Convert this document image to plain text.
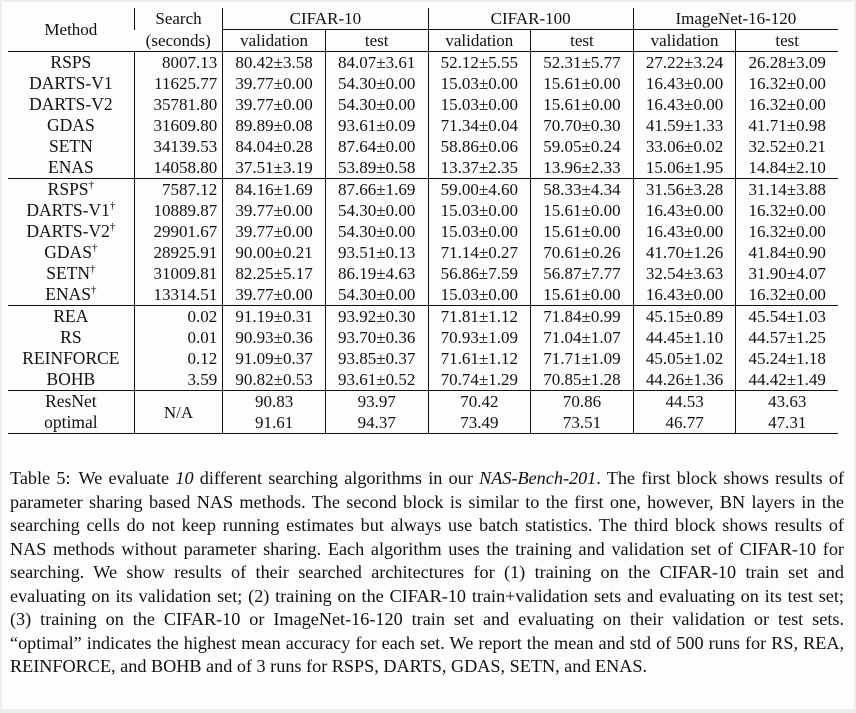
Method	Search	CIFAR-10		CIFAR-100		ImageNet-16-120	
	(seconds)	validation	test	validation	test	validation	test
RSPS	8007.13	80.42±3.58	84.07±3.61	52.12±5.55	52.31±5.77	27.22±3.24	26.28±3.09
DARTS-V1	11625.77	39.77±0.00	54.30±0.00	15.03±0.00	15.61±0.00	16.43±0.00	16.32±0.00
DARTS-V2	35781.80	39.77±0.00	54.30±0.00	15.03±0.00	15.61±0.00	16.43±0.00	16.32±0.00
GDAS	31609.80	89.89±0.08	93.61±0.09	71.34±0.04	70.70±0.30	41.59±1.33	41.71±0.98
SETN	34139.53	84.04±0.28	87.64±0.00	58.86±0.06	59.05±0.24	33.06±0.02	32.52±0.21
ENAS	14058.80	37.51±3.19	53.89±0.58	13.37±2.35	13.96±2.33	15.06±1.95	14.84±2.10
RSPS†	7587.12	84.16±1.69	87.66±1.69	59.00±4.60	58.33±4.34	31.56±3.28	31.14±3.88
DARTS-V1†	10889.87	39.77±0.00	54.30±0.00	15.03±0.00	15.61±0.00	16.43±0.00	16.32±0.00
DARTS-V2†	29901.67	39.77±0.00	54.30±0.00	15.03±0.00	15.61±0.00	16.43±0.00	16.32±0.00
GDAS†	28925.91	90.00±0.21	93.51±0.13	71.14±0.27	70.61±0.26	41.70±1.26	41.84±0.90
SETN†	31009.81	82.25±5.17	86.19±4.63	56.86±7.59	56.87±7.77	32.54±3.63	31.90±4.07
ENAS†	13314.51	39.77±0.00	54.30±0.00	15.03±0.00	15.61±0.00	16.43±0.00	16.32±0.00
REA	0.02	91.19±0.31	93.92±0.30	71.81±1.12	71.84±0.99	45.15±0.89	45.54±1.03
RS	0.01	90.93±0.36	93.70±0.36	70.93±1.09	71.04±1.07	44.45±1.10	44.57±1.25
REINFORCE	0.12	91.09±0.37	93.85±0.37	71.61±1.12	71.71±1.09	45.05±1.02	45.24±1.18
BOHB	3.59	90.82±0.53	93.61±0.52	70.74±1.29	70.85±1.28	44.26±1.36	44.42±1.49
ResNet	N/A	90.83	93.97	70.42	70.86	44.53	43.63
optimal		91.61	94.37	73.49	73.51	46.77	47.31
Table 5: We evaluate 10 different searching algorithms in our NAS-Bench-201. The first block shows results of parameter sharing based NAS methods. The second block is similar to the first one, however, BN layers in the searching cells do not keep running estimates but always use batch statistics. The third block shows results of NAS methods without parameter sharing. Each algorithm uses the training and validation set of CIFAR-10 for searching. We show results of their searched architectures for (1) training on the CIFAR-10 train set and evaluating on its validation set; (2) training on the CIFAR-10 train+validation sets and evaluating on its test set; (3) training on the CIFAR-10 or ImageNet-16-120 train set and evaluating on their validation or test sets. “optimal” indicates the highest mean accuracy for each set. We report the mean and std of 500 runs for RS, REA, REINFORCE, and BOHB and of 3 runs for RSPS, DARTS, GDAS, SETN, and ENAS.
